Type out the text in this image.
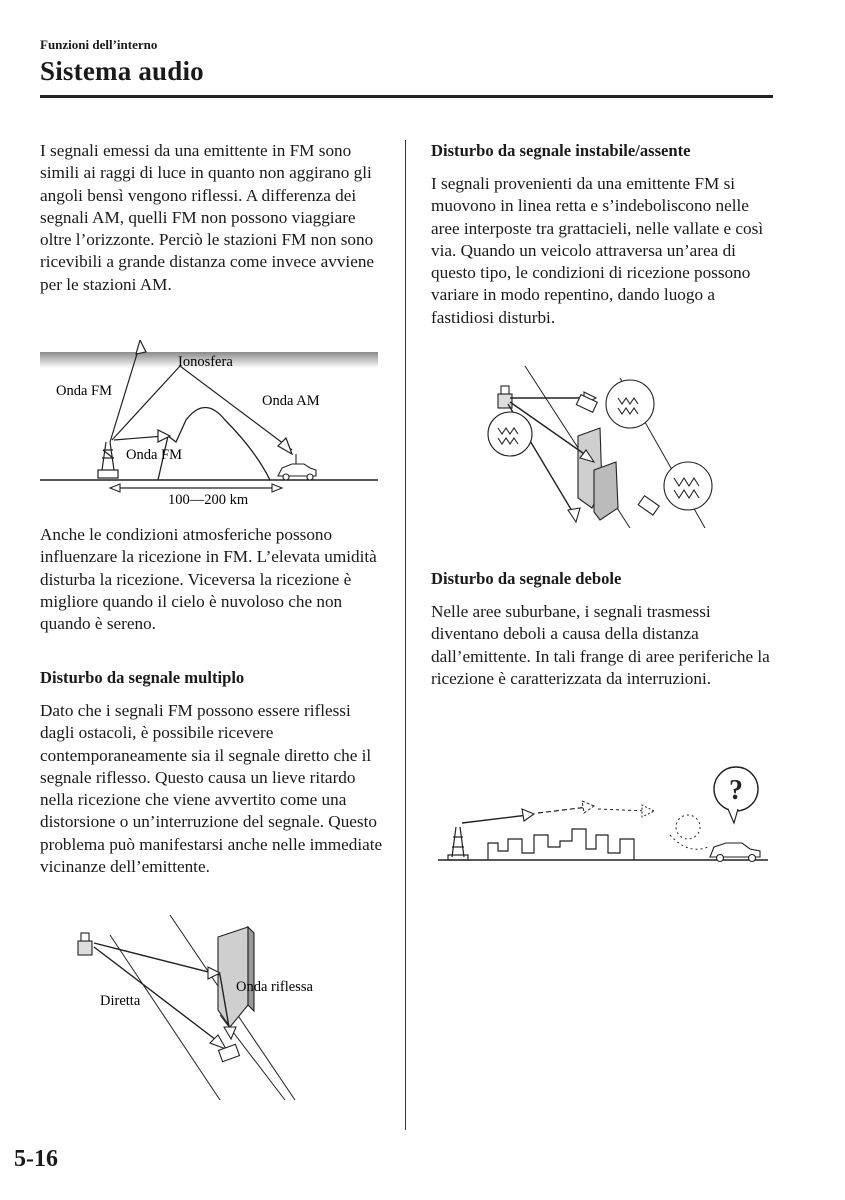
Funzioni dell’interno
Sistema audio

I segnali emessi da una emittente in FM sono simili ai raggi di luce in quanto non aggirano gli angoli bensì vengono riflessi. A differenza dei segnali AM, quelli FM non possono viaggiare oltre l’orizzonte. Perciò le stazioni FM non sono ricevibili a grande distanza come invece avviene per le stazioni AM.

Ionosfera
Onda FM
Onda AM
Onda FM
100—200 km

Anche le condizioni atmosferiche possono influenzare la ricezione in FM. L’elevata umidità disturba la ricezione. Viceversa la ricezione è migliore quando il cielo è nuvoloso che non quando è sereno.

Disturbo da segnale multiplo

Dato che i segnali FM possono essere riflessi dagli ostacoli, è possibile ricevere contemporaneamente sia il segnale diretto che il segnale riflesso. Questo causa un lieve ritardo nella ricezione che viene avvertito come una distorsione o un’interruzione del segnale. Questo problema può manifestarsi anche nelle immediate vicinanze dell’emittente.

Diretta
Onda riflessa

Disturbo da segnale instabile/assente

I segnali provenienti da una emittente FM si muovono in linea retta e s’indeboliscono nelle aree interposte tra grattacieli, nelle vallate e così via. Quando un veicolo attraversa un’area di questo tipo, le condizioni di ricezione possono variare in modo repentino, dando luogo a fastidiosi disturbi.

Disturbo da segnale debole

Nelle aree suburbane, i segnali trasmessi diventano deboli a causa della distanza dall’emittente. In tali frange di aree periferiche la ricezione è caratterizzata da interruzioni.

?
5-16
